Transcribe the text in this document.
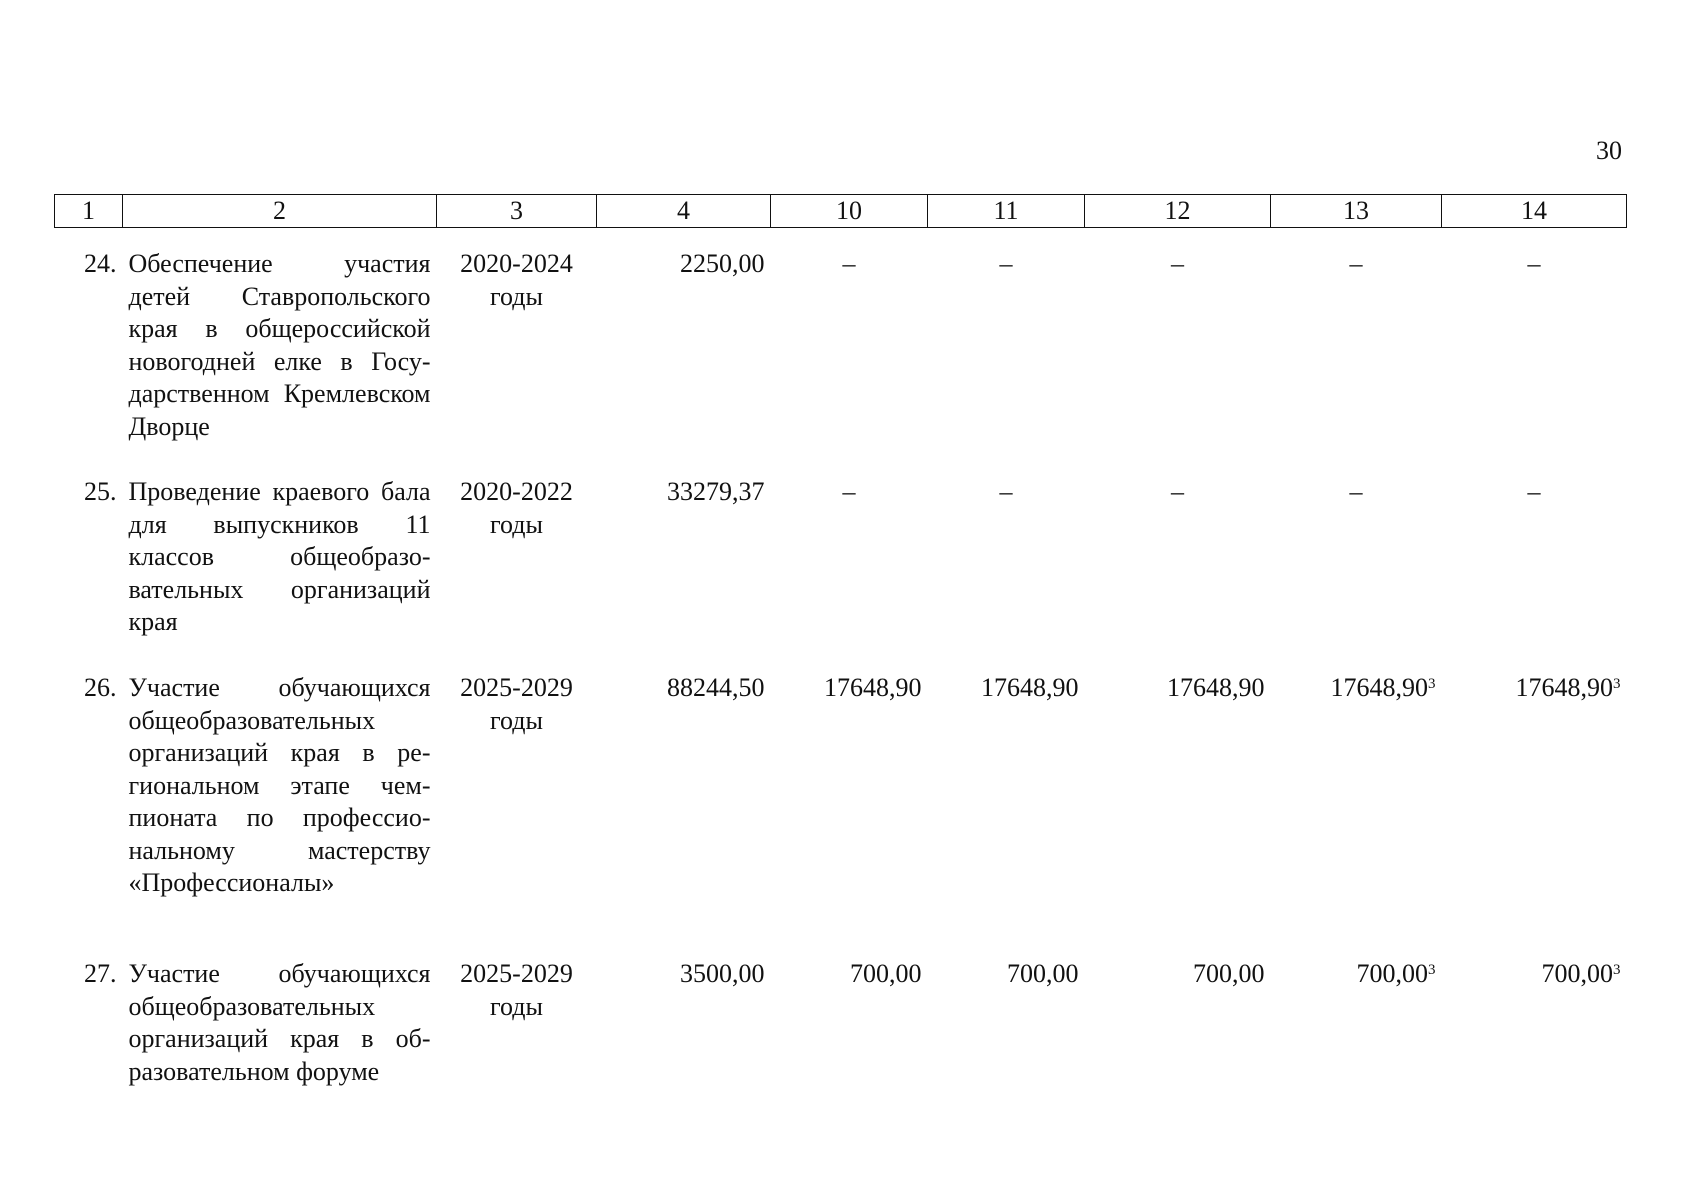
30
1	2	3	4	10	11	12	13	14
24.	Обеспечение участия детей Ставропольского края в общероссийской новогодней елке в Государственном Кремлевском Дворце	2020-2024
годы	2250,00	–	–	–	–	–
25.	Проведение краевого бала для выпускников 11 классов общеобразовательных организаций края	2020-2022
годы	33279,37	–	–	–	–	–
26.	Участие обучающихся общеобразовательных организаций края в региональном этапе чемпионата по профессиональному мастерству «Профессионалы»	2025-2029
годы	88244,50	17648,90	17648,90	17648,90	17648,90$^3$	17648,90$^3$
27.	Участие обучающихся общеобразовательных организаций края в образовательном форуме	2025-2029
годы	3500,00	700,00	700,00	700,00	700,00$^3$	700,00$^3$
